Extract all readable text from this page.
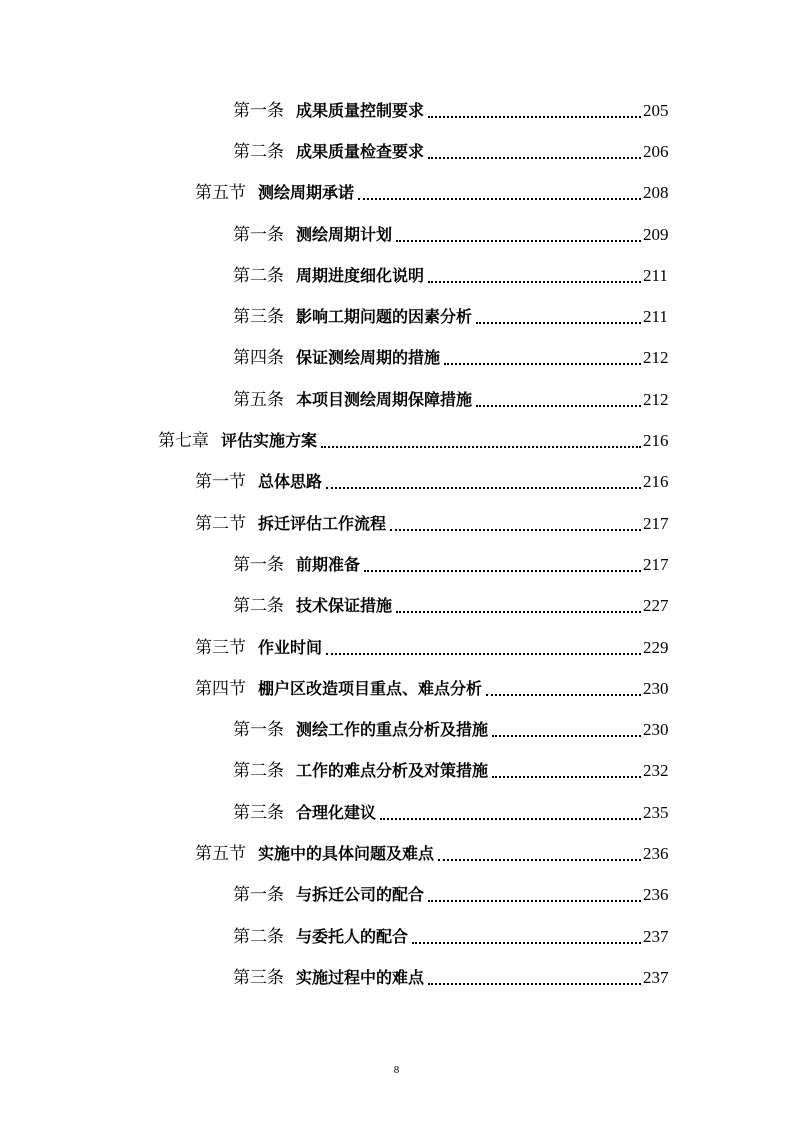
第一条 成果质量控制要求	205
第二条 成果质量检查要求	206
第五节 测绘周期承诺	208
第一条 测绘周期计划	209
第二条 周期进度细化说明	211
第三条 影响工期问题的因素分析	211
第四条 保证测绘周期的措施	212
第五条 本项目测绘周期保障措施	212
第七章 评估实施方案	216
第一节 总体思路	216
第二节 拆迁评估工作流程	217
第一条 前期准备	217
第二条 技术保证措施	227
第三节 作业时间	229
第四节 棚户区改造项目重点、难点分析	230
第一条 测绘工作的重点分析及措施	230
第二条 工作的难点分析及对策措施	232
第三条 合理化建议	235
第五节 实施中的具体问题及难点	236
第一条 与拆迁公司的配合	236
第二条 与委托人的配合	237
第三条 实施过程中的难点	237
8
